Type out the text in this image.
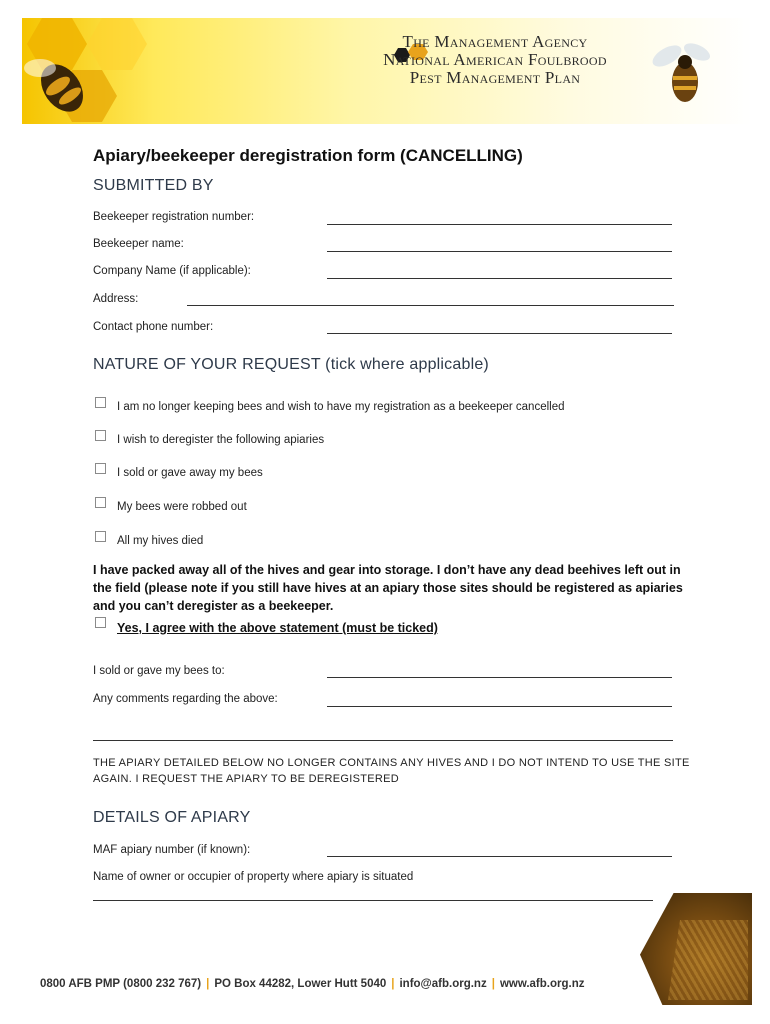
The Management Agency
National American Foulbrood
Pest Management Plan
Apiary/beekeeper deregistration form (CANCELLING)
SUBMITTED BY
Beekeeper registration number:
Beekeeper name:
Company Name (if applicable):
Address:
Contact phone number:
NATURE OF YOUR REQUEST (tick where applicable)
I am no longer keeping bees and wish to have my registration as a beekeeper cancelled
I wish to deregister the following apiaries
I sold or gave away my bees
My bees were robbed out
All my hives died
I have packed away all of the hives and gear into storage. I don’t have any dead beehives left out in the field (please note if you still have hives at an apiary those sites should be registered as apiaries and you can’t deregister as a beekeeper.
Yes, I agree with the above statement (must be ticked)
I sold or gave my bees to:
Any comments regarding the above:
THE APIARY DETAILED BELOW NO LONGER CONTAINS ANY HIVES AND I DO NOT INTEND TO USE THE SITE AGAIN. I REQUEST THE APIARY TO BE DEREGISTERED
DETAILS OF APIARY
MAF apiary number (if known):
Name of owner or occupier of property where apiary is situated
0800 AFB PMP (0800 232 767) | PO Box 44282, Lower Hutt 5040 | info@afb.org.nz | www.afb.org.nz
